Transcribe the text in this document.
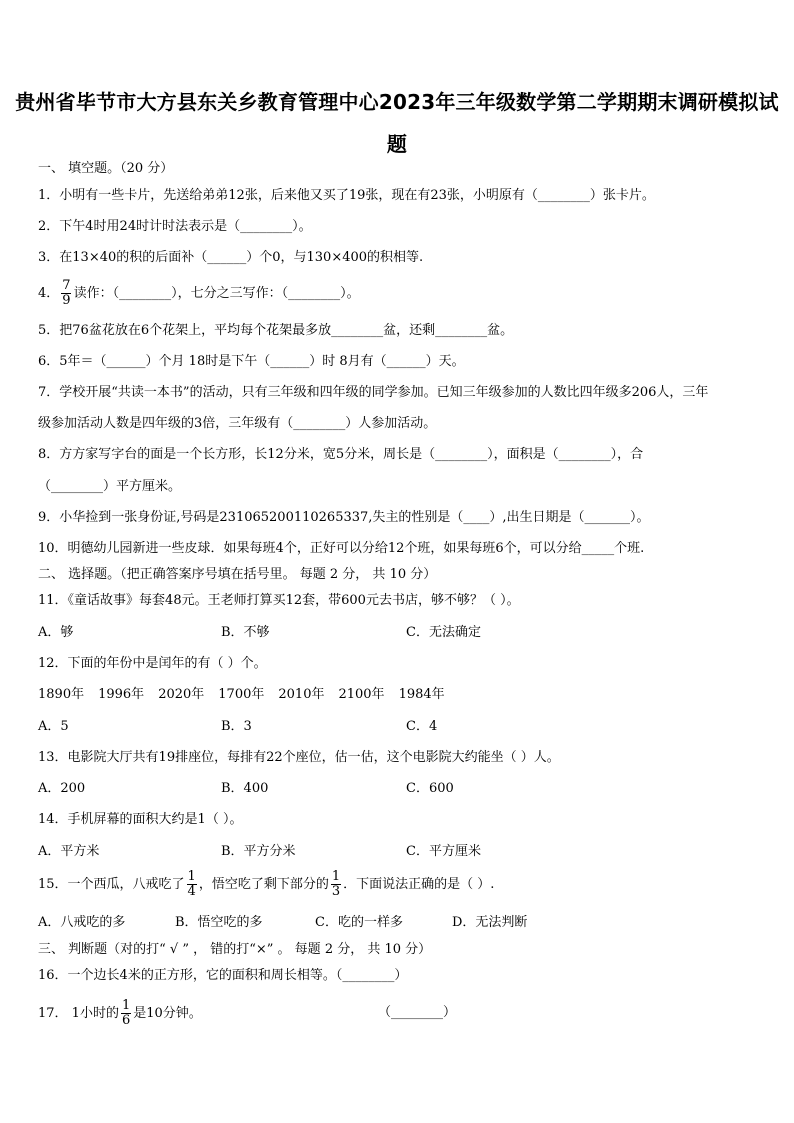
贵州省毕节市大方县东关乡教育管理中心2023年三年级数学第二学期期末调研模拟试
题
一、 填空题。（20 分）
1．小明有一些卡片，先送给弟弟12张，后来他又买了19张，现在有23张，小明原有（________）张卡片。
2．下午4时用24时计时法表示是（________）。
3．在13×40的积的后面补（______）个0，与130×400的积相等.
4． $\frac{7}{9}$ 读作：（________），七分之三写作：（________）。
5．把76盆花放在6个花架上，平均每个花架最多放________盆，还剩________盆。
6．5年＝（______）个月 18时是下午（______）时 8月有（______）天。
7．学校开展“共读一本书”的活动，只有三年级和四年级的同学参加。已知三年级参加的人数比四年级多206人，三年
级参加活动人数是四年级的3倍，三年级有（________）人参加活动。
8．方方家写字台的面是一个长方形，长12分米，宽5分米，周长是（________），面积是（________），合
（________）平方厘米。
9．小华捡到一张身份证,号码是231065200110265337,失主的性别是（____）,出生日期是（_______）。
10．明德幼儿园新进一些皮球．如果每班4个，正好可以分给12个班，如果每班6个，可以分给_____个班.
二、 选择题。（把正确答案序号填在括号里。 每题 2 分， 共 10 分）
11．《童话故事》每套48元。王老师打算买12套，带600元去书店，够不够？（ ）。
A．够	B．不够	C．无法确定
12．下面的年份中是闰年的有（ ）个。
1890年 1996年 2020年 1700年 2010年 2100年 1984年
A．5	B．3	C．4
13．电影院大厅共有19排座位，每排有22个座位，估一估，这个电影院大约能坐（ ）人。
A．200	B．400	C．600
14．手机屏幕的面积大约是1（ ）。
A．平方米	B．平方分米	C．平方厘米
15．一个西瓜，八戒吃了 $\frac{1}{4}$ ，悟空吃了剩下部分的 $\frac{1}{3}$ ．下面说法正确的是（ ）.
A．八戒吃的多	B．悟空吃的多	C．吃的一样多	D．无法判断
三、 判断题（对的打“ √ ” ， 错的打“×” 。 每题 2 分， 共 10 分）
16．一个边长4米的正方形，它的面积和周长相等。（________）
17． 1小时的 $\frac{1}{6}$ 是10分钟。	（________）
